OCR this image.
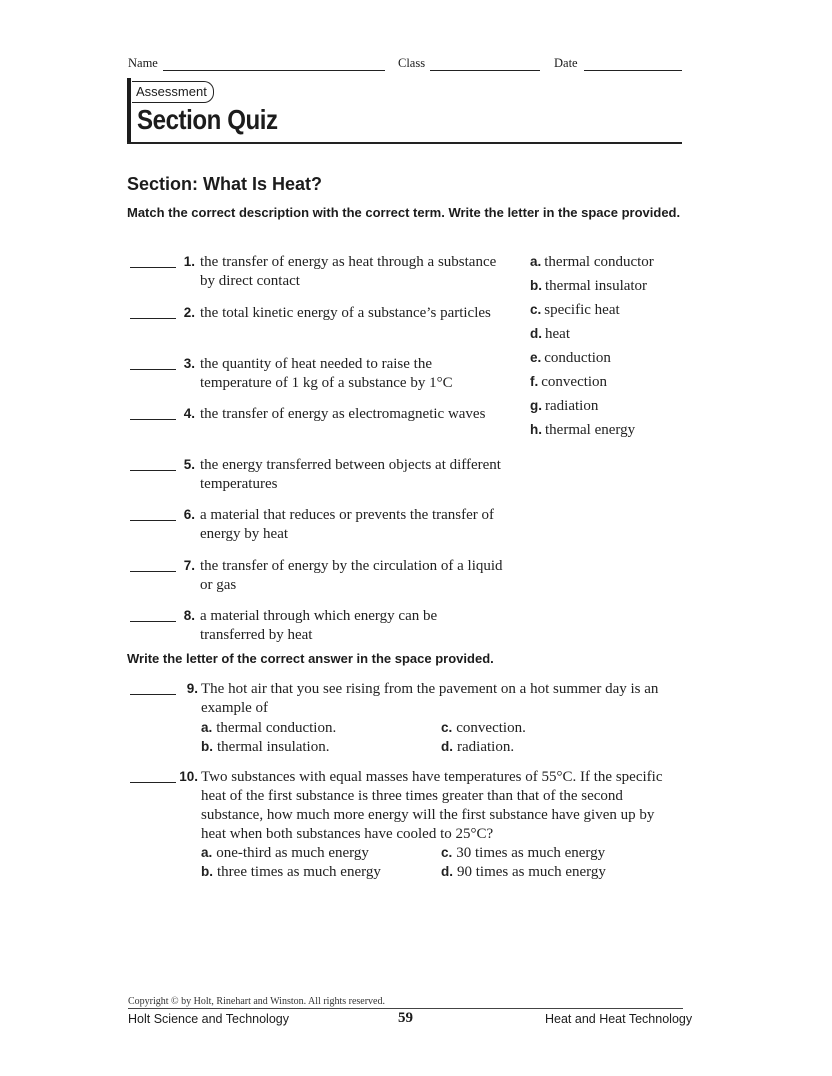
Name	Class	Date
Assessment
Section Quiz
Section: What Is Heat?
Match the correct description with the correct term. Write the letter in the space provided.
1. the transfer of energy as heat through a substance by direct contact
2. the total kinetic energy of a substance’s particles
3. the quantity of heat needed to raise the temperature of 1 kg of a substance by 1°C
4. the transfer of energy as electromagnetic waves
5. the energy transferred between objects at different temperatures
6. a material that reduces or prevents the transfer of energy by heat
7. the transfer of energy by the circulation of a liquid or gas
8. a material through which energy can be transferred by heat
a. thermal conductor
b. thermal insulator
c. specific heat
d. heat
e. conduction
f. convection
g. radiation
h. thermal energy
Write the letter of the correct answer in the space provided.
9. The hot air that you see rising from the pavement on a hot summer day is an example of
a. thermal conduction.	c. convection.
b. thermal insulation.	d. radiation.
10. Two substances with equal masses have temperatures of 55°C. If the specific heat of the first substance is three times greater than that of the second substance, how much more energy will the first substance have given up by heat when both substances have cooled to 25°C?
a. one-third as much energy	c. 30 times as much energy
b. three times as much energy	d. 90 times as much energy
Copyright © by Holt, Rinehart and Winston. All rights reserved.
Holt Science and Technology	59	Heat and Heat Technology
